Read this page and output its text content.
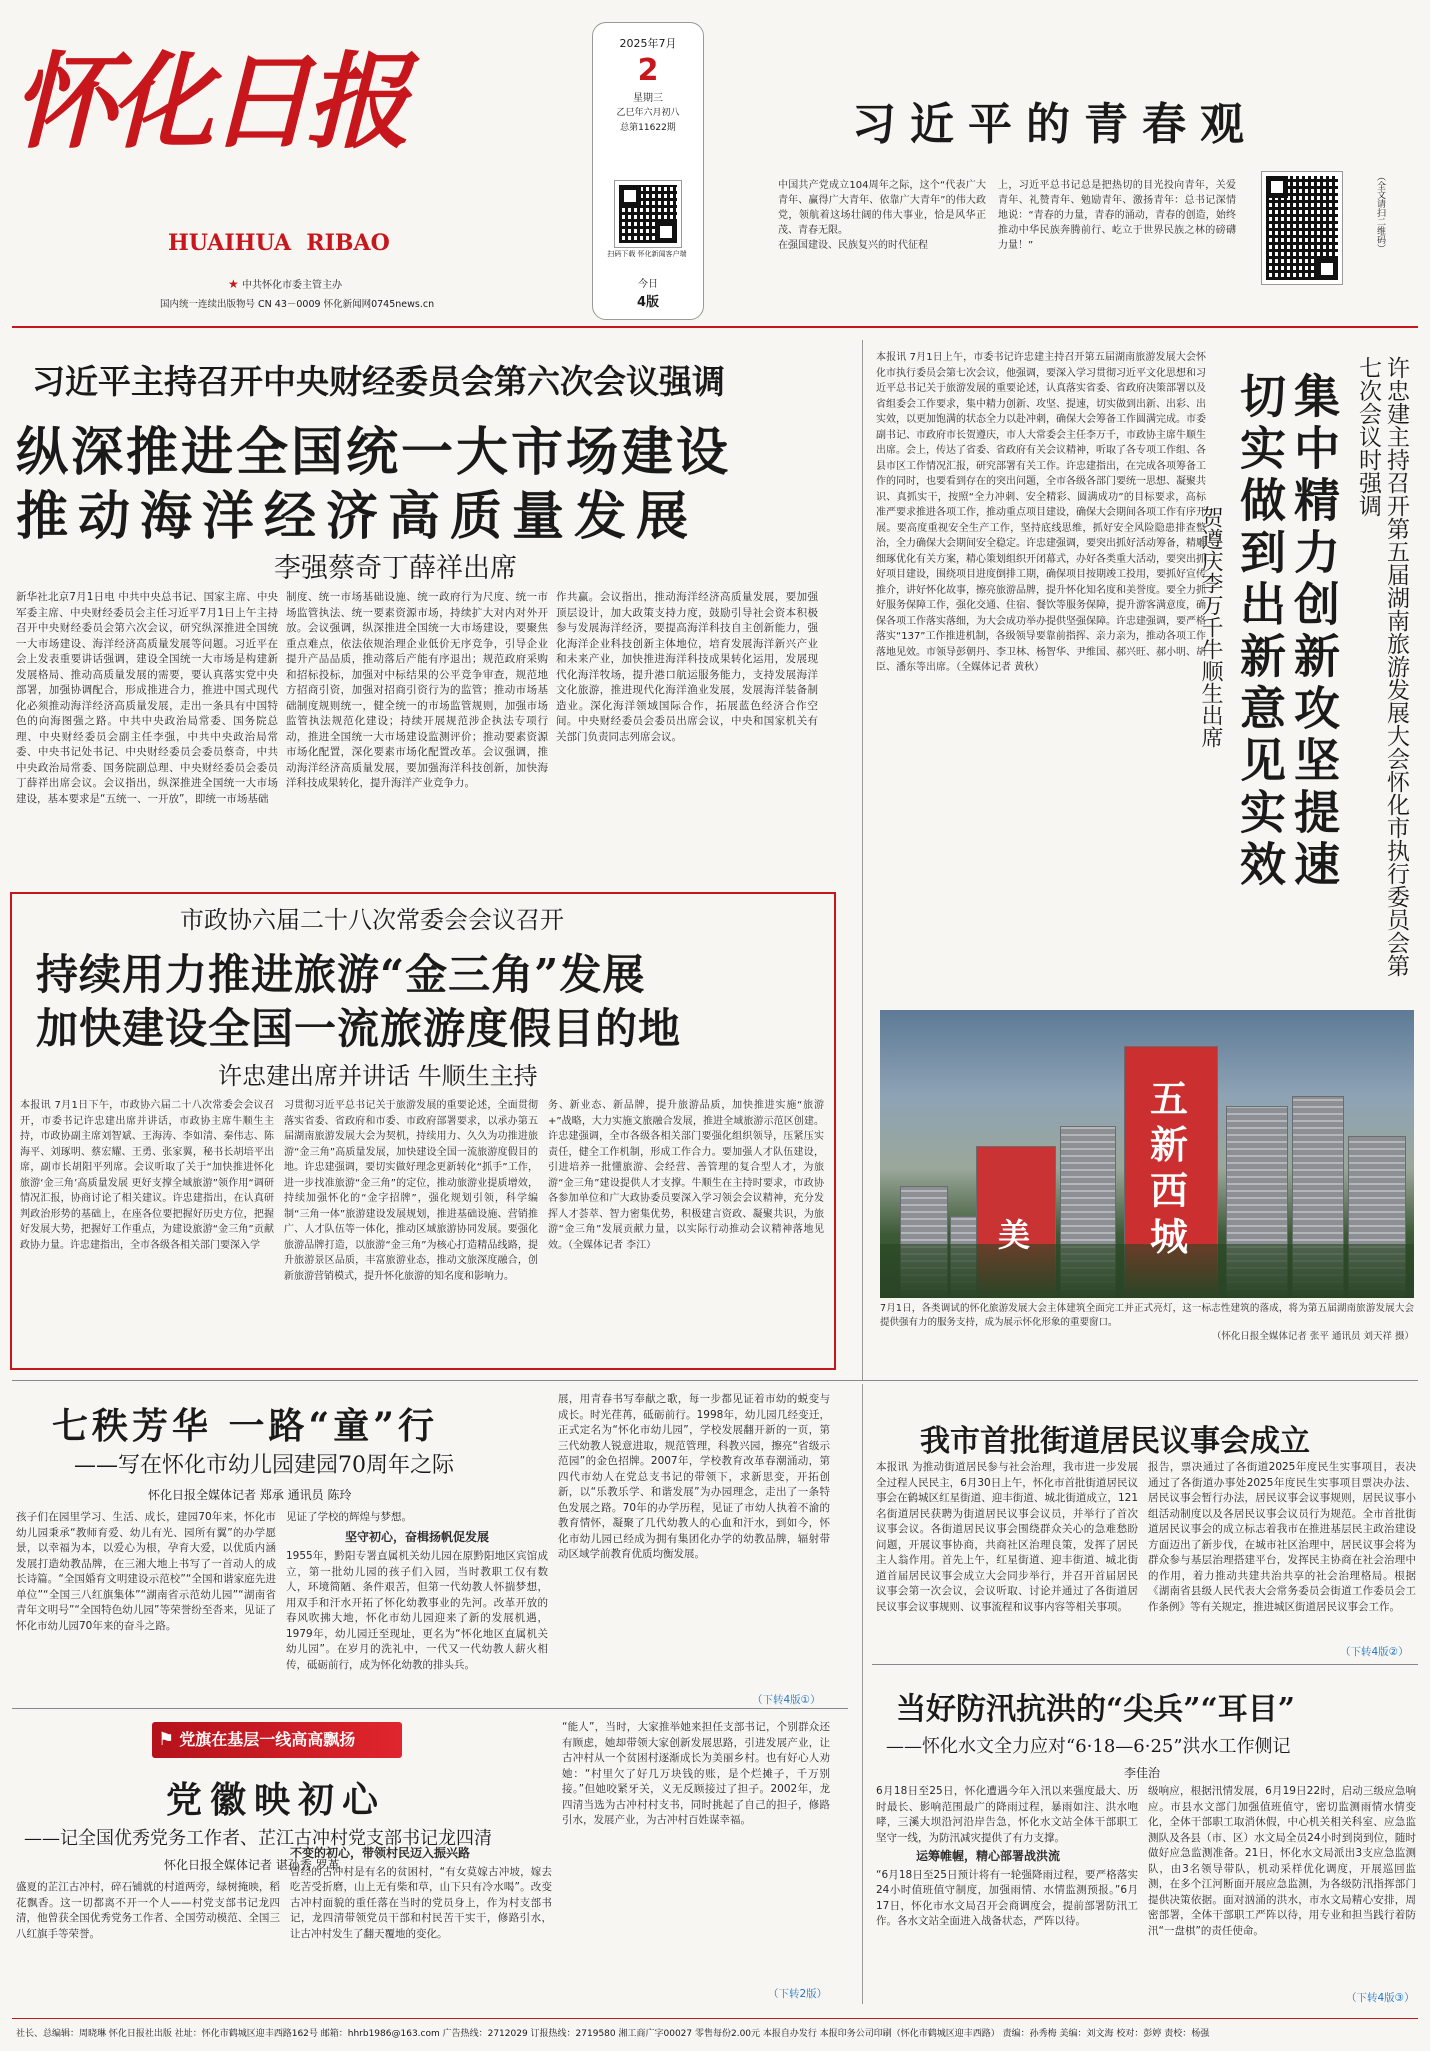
怀化日报
HUAIHUA  RIBAO
★ 中共怀化市委主管主办
国内统一连续出版物号 CN 43－0009 怀化新闻网0745news.cn
2025年7月
2
星期三
乙巳年六月初八
总第11622期
扫码下载 怀化新闻客户端
今日
4版
习近平的青春观
中国共产党成立104周年之际，这个“代表广大青年、赢得广大青年、依靠广大青年”的伟大政党，领航着这场壮阔的伟大事业，恰是风华正茂、青春无限。
在强国建设、民族复兴的时代征程
上，习近平总书记总是把热切的目光投向青年，关爱青年、礼赞青年、勉励青年、激扬青年：总书记深情地说：“青春的力量，青春的涌动，青春的创造，始终推动中华民族奔腾前行、屹立于世界民族之林的磅礴力量！”	（全文请扫二维码）
习近平主持召开中央财经委员会第六次会议强调
纵深推进全国统一大市场建设
推动海洋经济高质量发展
李强蔡奇丁薛祥出席
新华社北京7月1日电 中共中央总书记、国家主席、中央军委主席、中央财经委员会主任习近平7月1日上午主持召开中央财经委员会第六次会议，研究纵深推进全国统一大市场建设、海洋经济高质量发展等问题。习近平在会上发表重要讲话强调，建设全国统一大市场是构建新发展格局、推动高质量发展的需要，要认真落实党中央部署，加强协调配合，形成推进合力，推进中国式现代化必须推动海洋经济高质量发展，走出一条具有中国特色的向海图强之路。中共中央政治局常委、国务院总理、中央财经委员会副主任李强，中共中央政治局常委、中央书记处书记、中央财经委员会委员蔡奇，中共中央政治局常委、国务院副总理、中央财经委员会委员丁薛祥出席会议。会议指出，纵深推进全国统一大市场建设，基本要求是“五统一、一开放”，即统一市场基础
制度、统一市场基础设施、统一政府行为尺度、统一市场监管执法、统一要素资源市场，持续扩大对内对外开放。会议强调，纵深推进全国统一大市场建设，要聚焦重点难点，依法依规治理企业低价无序竞争，引导企业提升产品品质，推动落后产能有序退出；规范政府采购和招标投标，加强对中标结果的公平竞争审查，规范地方招商引资，加强对招商引资行为的监管；推动市场基础制度规则统一，健全统一的市场监管规则，加强市场监管执法规范化建设；持续开展规范涉企执法专项行动，推进全国统一大市场建设监测评价；推动要素资源市场化配置，深化要素市场化配置改革。会议强调，推动海洋经济高质量发展，要加强海洋科技创新，加快海洋科技成果转化，提升海洋产业竞争力。
作共赢。会议指出，推动海洋经济高质量发展，要加强顶层设计，加大政策支持力度，鼓励引导社会资本积极参与发展海洋经济，要提高海洋科技自主创新能力，强化海洋企业科技创新主体地位，培育发展海洋新兴产业和未来产业，加快推进海洋科技成果转化运用，发展现代化海洋牧场，提升港口航运服务能力，支持发展海洋文化旅游，推进现代化海洋渔业发展，发展海洋装备制造业。深化海洋领域国际合作，拓展蓝色经济合作空间。中央财经委员会委员出席会议，中央和国家机关有关部门负责同志列席会议。
本报讯 7月1日上午，市委书记许忠建主持召开第五届湖南旅游发展大会怀化市执行委员会第七次会议，他强调，要深入学习贯彻习近平文化思想和习近平总书记关于旅游发展的重要论述，认真落实省委、省政府决策部署以及省组委会工作要求，集中精力创新、攻坚、提速，切实做到出新、出彩、出实效，以更加饱满的状态全力以赴冲刺，确保大会筹备工作圆满完成。市委副书记、市政府市长贺遵庆，市人大常委会主任李万千，市政协主席牛顺生出席。会上，传达了省委、省政府有关会议精神，听取了各专项工作组、各县市区工作情况汇报，研究部署有关工作。许忠建指出，在完成各项筹备工作的同时，也要看到存在的突出问题，全市各级各部门要统一思想、凝聚共识、真抓实干，按照“全力冲刺、安全精彩、圆满成功”的目标要求，高标准严要求推进各项工作，推动重点项目建设，确保大会期间各项工作有序开展。要高度重视安全生产工作，坚持底线思维，抓好安全风险隐患排查整治，全力确保大会期间安全稳定。许忠建强调，要突出抓好活动筹备，精雕细琢优化有关方案，精心策划组织开闭幕式，办好各类重大活动，要突出抓好项目建设，围绕项目进度倒排工期，确保项目按期竣工投用，要抓好宣传推介，讲好怀化故事，擦亮旅游品牌，提升怀化知名度和美誉度。要全力抓好服务保障工作，强化交通、住宿、餐饮等服务保障，提升游客满意度，确保各项工作落实落细，为大会成功举办提供坚强保障。许忠建强调，要严格落实“137”工作推进机制，各级领导要靠前指挥、亲力亲为，推动各项工作落地见效。市领导彭朝丹、李卫林、杨智华、尹维国、郝兴旺、郝小明、胡臣、潘东等出席。（全媒体记者 黄秋）	集中精力创新攻坚提速
切实做到出新意见实效	许忠建主持召开第五届湖南旅游发展大会怀化市执行委员会第七次会议时强调
贺遵庆李万千牛顺生出席
市政协六届二十八次常委会会议召开
持续用力推进旅游“金三角”发展
加快建设全国一流旅游度假目的地
许忠建出席并讲话 牛顺生主持
本报讯 7月1日下午，市政协六届二十八次常委会会议召开，市委书记许忠建出席并讲话，市政协主席牛顺生主持，市政协副主席刘智斌、王海涛、李如清、秦伟志、陈海平、刘琢明、蔡宏耀、王勇、张家翼，秘书长胡培平出席，副市长胡阳平列席。会议听取了关于“加快推进怀化旅游‘金三角’高质量发展 更好支撑全域旅游”领作用“调研情况汇报，协商讨论了相关建议。许忠建指出，在认真研判政治形势的基础上，在座各位要把握好历史方位，把握好发展大势，把握好工作重点，为建设旅游“金三角”贡献政协力量。许忠建指出，全市各级各相关部门要深入学
习贯彻习近平总书记关于旅游发展的重要论述，全面贯彻落实省委、省政府和市委、市政府部署要求，以承办第五届湖南旅游发展大会为契机，持续用力、久久为功推进旅游“金三角”高质量发展，加快建设全国一流旅游度假目的地。许忠建强调，要切实做好理念更新转化“抓手”工作，进一步找准旅游“金三角”的定位，推动旅游业提质增效，持续加强怀化的“金字招牌”，强化规划引领，科学编制“三角一体”旅游建设发展规划，推进基础设施、营销推广、人才队伍等一体化，推动区域旅游协同发展。要强化旅游品牌打造，以旅游“金三角”为核心打造精品线路，提升旅游景区品质，丰富旅游业态，推动文旅深度融合，创新旅游营销模式，提升怀化旅游的知名度和影响力。
务、新业态、新品牌，提升旅游品质，加快推进实施“旅游+”战略，大力实施文旅融合发展，推进全域旅游示范区创建。许忠建强调，全市各级各相关部门要强化组织领导，压紧压实责任，健全工作机制，形成工作合力。要加强人才队伍建设，引进培养一批懂旅游、会经营、善管理的复合型人才，为旅游“金三角”建设提供人才支撑。牛顺生在主持时要求，市政协各参加单位和广大政协委员要深入学习领会会议精神，充分发挥人才荟萃、智力密集优势，积极建言资政、凝聚共识，为旅游“金三角”发展贡献力量，以实际行动推动会议精神落地见效。（全媒体记者 李江）
五
新
西
城
美
7月1日，各类调试的怀化旅游发展大会主体建筑全面完工并正式亮灯，这一标志性建筑的落成，将为第五届湖南旅游发展大会提供强有力的服务支持，成为展示怀化形象的重要窗口。

（怀化日报全媒体记者 张平 通讯员 刘天祥 摄）
七秩芳华 一路“童”行
——写在怀化市幼儿园建园70周年之际
怀化日报全媒体记者 郑承 通讯员 陈玲
孩子们在园里学习、生活、成长，建园70年来，怀化市幼儿园秉承“教师育爱、幼儿有光、园所有翼”的办学愿景，以幸福为本，以爱心为根，孕育大爱，以优质内涵发展打造幼教品牌，在三湘大地上书写了一首动人的成长诗篇。“全国婚育文明建设示范校”“全国和谐家庭先进单位”“全国三八红旗集体”“湖南省示范幼儿园”“湖南省青年文明号”“全国特色幼儿园”等荣誉纷至沓来，见证了怀化市幼儿园70年来的奋斗之路。
见证了学校的辉煌与梦想。

坚守初心，奋楫扬帆促发展
1955年，黔阳专署直属机关幼儿园在原黔阳地区宾馆成立，第一批幼儿园的孩子们入园，当时教职工仅有数人，环境简陋、条件艰苦，但第一代幼教人怀揣梦想，用双手和汗水开拓了怀化幼教事业的先河。改革开放的春风吹拂大地，怀化市幼儿园迎来了新的发展机遇，1979年，幼儿园迁至现址，更名为“怀化地区直属机关幼儿园”。在岁月的洗礼中，一代又一代幼教人薪火相传，砥砺前行，成为怀化幼教的排头兵。
展，用青春书写奉献之歌，每一步都见证着市幼的蜕变与成长。时光荏苒，砥砺前行。1998年，幼儿园几经变迁，正式定名为“怀化市幼儿园”，学校发展翻开新的一页，第三代幼教人锐意进取，规范管理，科教兴园，擦亮“省级示范园”的金色招牌。2007年，学校教育改革春潮涌动，第四代市幼人在党总支书记的带领下，求新思变，开拓创新，以“乐教乐学、和谐发展”为办园理念，走出了一条特色发展之路。70年的办学历程，见证了市幼人执着不渝的教育情怀，凝聚了几代幼教人的心血和汗水，到如今，怀化市幼儿园已经成为拥有集团化办学的幼教品牌，辐射带动区域学前教育优质均衡发展。
（下转4版①）
我市首批街道居民议事会成立
本报讯 为推动街道居民参与社会治理，我市进一步发展全过程人民民主，6月30日上午，怀化市首批街道居民议事会在鹤城区红星街道、迎丰街道、城北街道成立，121名街道居民获聘为街道居民议事会议员，并举行了首次议事会议。各街道居民议事会围绕群众关心的急难愁盼问题，开展议事协商，共商社区治理良策，发挥了居民主人翁作用。首先上午，红星街道、迎丰街道、城北街道首届居民议事会成立大会同步举行，并召开首届居民议事会第一次会议，会议听取、讨论并通过了各街道居民议事会议事规则、议事流程和议事内容等相关事项。
报告，票决通过了各街道2025年度民生实事项目，表决通过了各街道办事处2025年度民生实事项目票决办法、居民议事会暂行办法，居民议事会议事规则，居民议事小组活动制度以及各居民议事会议员行为规范。全市首批街道居民议事会的成立标志着我市在推进基层民主政治建设方面迈出了新步伐，在城市社区治理中，居民议事会将为群众参与基层治理搭建平台，发挥民主协商在社会治理中的作用，着力推动共建共治共享的社会治理格局。根据《湖南省县级人民代表大会常务委员会街道工作委员会工作条例》等有关规定，推进城区街道居民议事会工作。
（下转4版②）
当好防汛抗洪的“尖兵”“耳目”
——怀化水文全力应对“6·18—6·25”洪水工作侧记
李佳治
6月18日至25日，怀化遭遇今年入汛以来强度最大、历时最长、影响范围最广的降雨过程，暴雨如注、洪水咆哮，三溪大坝沿河沿岸告急，怀化水文站全体干部职工坚守一线，为防汛减灾提供了有力支撑。

运筹帷幄，精心部署战洪流
“6月18日至25日预计将有一轮强降雨过程，要严格落实24小时值班值守制度，加强雨情、水情监测预报。”6月17日，怀化市水文局召开会商调度会，提前部署防汛工作。各水文站全面进入战备状态，严阵以待。
级响应，根据汛情发展，6月19日22时，启动三级应急响应。市县水文部门加强值班值守，密切监测雨情水情变化，全体干部职工取消休假，中心机关相关科室、应急监测队及各县（市、区）水文局全员24小时到岗到位，随时做好应急监测准备。21日，怀化水文局派出3支应急监测队，由3名领导带队，机动采样优化调度，开展巡回监测，在多个江河断面开展应急监测，为各级防汛指挥部门提供决策依据。面对汹涌的洪水，市水文局精心安排，周密部署，全体干部职工严阵以待，用专业和担当践行着防汛“一盘棋”的责任使命。
（下转4版③）
⚑ 党旗在基层一线高高飘扬
党徽映初心
——记全国优秀党务工作者、芷江古冲村党支部书记龙四清
怀化日报全媒体记者 谌孙秀 罗革
盛夏的芷江古冲村，碎石铺就的村道两旁，绿树掩映，稻花飘香。这一切都离不开一个人——村党支部书记龙四清，他曾获全国优秀党务工作者、全国劳动模范、全国三八红旗手等荣誉。
不变的初心，带领村民迈入振兴路
曾经的古冲村是有名的贫困村，“有女莫嫁古冲坡，嫁去吃苦受折磨，山上无有柴和草，山下只有冷水喝”。改变古冲村面貌的重任落在当时的党员身上，作为村支部书记，龙四清带领党员干部和村民苦干实干，修路引水，让古冲村发生了翻天覆地的变化。
“能人”，当时，大家推举她来担任支部书记，个别群众还有顾虑，她却带领大家创新发展思路，引进发展产业，让古冲村从一个贫困村逐渐成长为美丽乡村。也有好心人劝她：“村里欠了好几万块钱的账，是个烂摊子，千万别接。”但她咬紧牙关，义无反顾接过了担子。2002年，龙四清当选为古冲村村支书，同时挑起了自己的担子，修路引水，发展产业，为古冲村百姓谋幸福。
（下转2版）
社长、总编辑：周晓琳 怀化日报社出版 社址：怀化市鹤城区迎丰西路162号 邮箱：hhrb1986@163.com 广告热线：2712029 订报热线：2719580 湘工商广字00027 零售每份2.00元 本报自办发行 本报印务公司印刷（怀化市鹤城区迎丰西路） 责编：孙秀梅 美编：刘文海 校对：彭婷 责校：杨强
